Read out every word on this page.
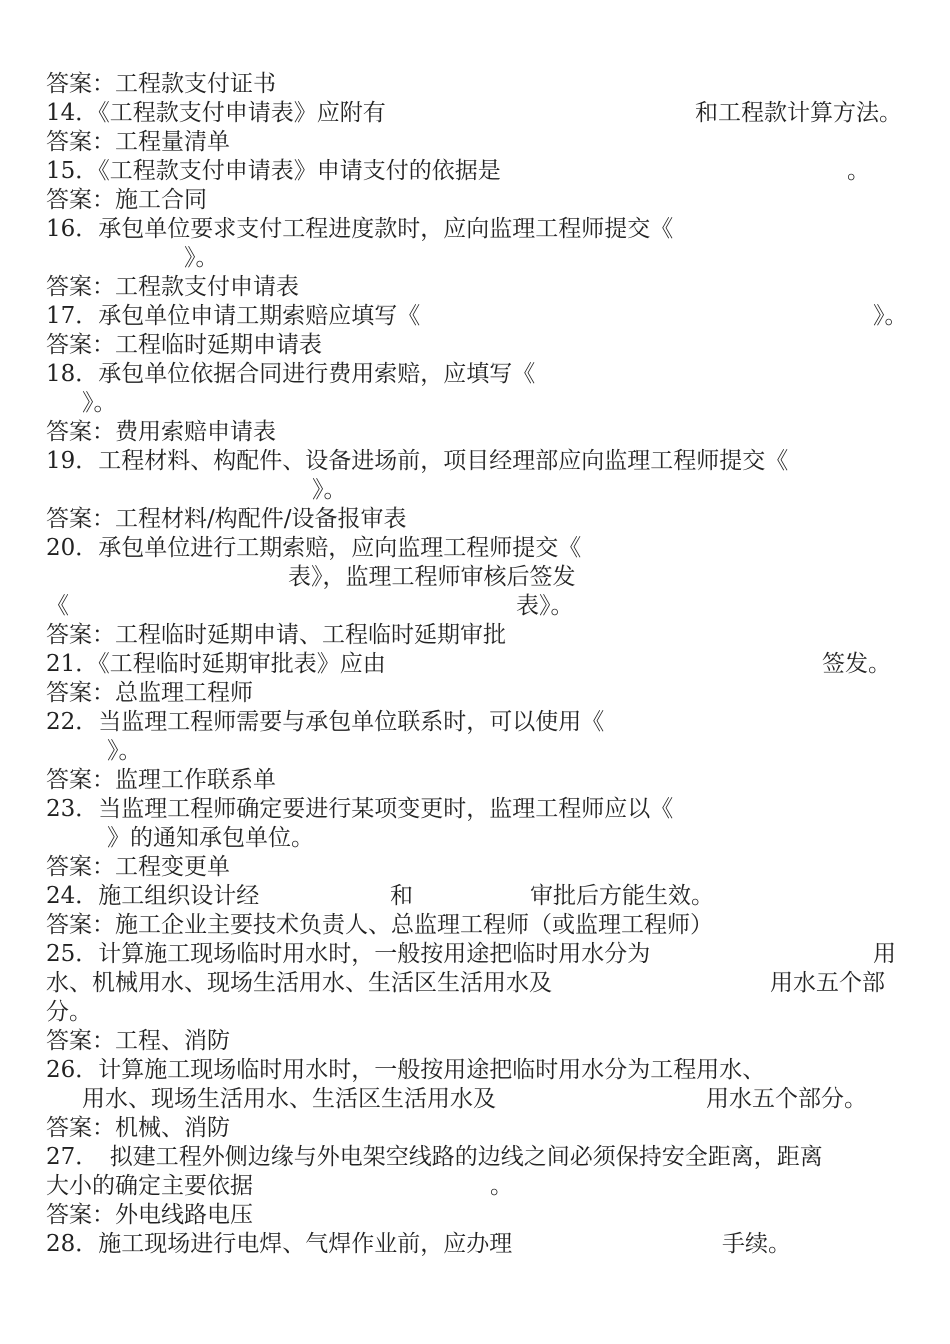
答案：工程款支付证书
14．《工程款支付申请表》应附有	和工程款计算方法。
答案：工程量清单
15．《工程款支付申请表》申请支付的依据是	。
答案：施工合同
16．承包单位要求支付工程进度款时，应向监理工程师提交《
》。
答案：工程款支付申请表
17．承包单位申请工期索赔应填写《	》。
答案：工程临时延期申请表
18．承包单位依据合同进行费用索赔，应填写《
》。
答案：费用索赔申请表
19．工程材料、构配件、设备进场前，项目经理部应向监理工程师提交《
》。
答案：工程材料/构配件/设备报审表
20．承包单位进行工期索赔，应向监理工程师提交《
表》，监理工程师审核后签发
《	表》。
答案：工程临时延期申请、工程临时延期审批
21．《工程临时延期审批表》应由	签发。
答案：总监理工程师
22．当监理工程师需要与承包单位联系时，可以使用《
》。
答案：监理工作联系单
23．当监理工程师确定要进行某项变更时，监理工程师应以《
》的通知承包单位。
答案：工程变更单
24．施工组织设计经	和	审批后方能生效。
答案：施工企业主要技术负责人、总监理工程师（或监理工程师）
25．计算施工现场临时用水时，一般按用途把临时用水分为	用
水、机械用水、现场生活用水、生活区生活用水及	用水五个部
分。
答案：工程、消防
26．计算施工现场临时用水时，一般按用途把临时用水分为工程用水、
用水、现场生活用水、生活区生活用水及	用水五个部分。
答案：机械、消防
27．　拟建工程外侧边缘与外电架空线路的边线之间必须保持安全距离，距离
大小的确定主要依据	。
答案：外电线路电压
28．施工现场进行电焊、气焊作业前，应办理	手续。
